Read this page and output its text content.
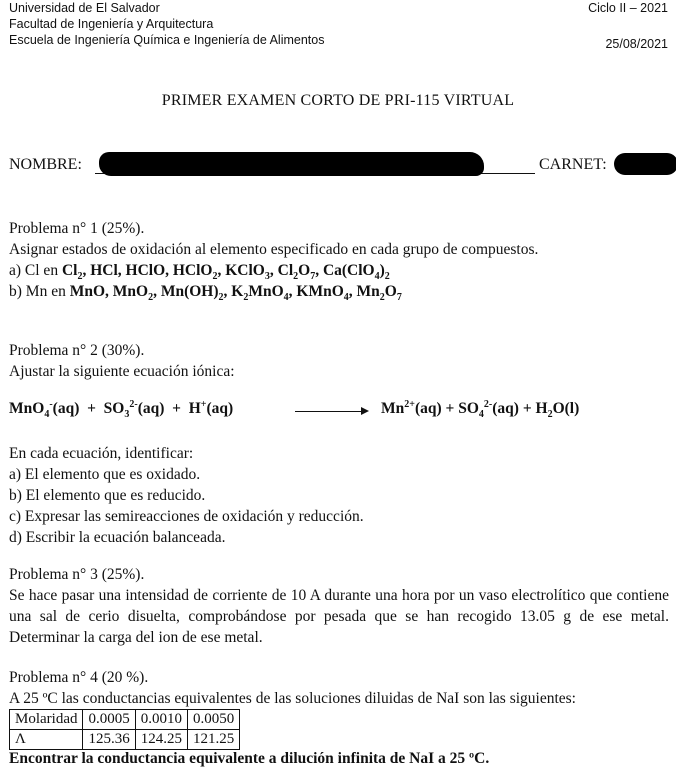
Universidad de El Salvador
Facultad de Ingeniería y Arquitectura
Escuela de Ingeniería Química e Ingeniería de Alimentos
Ciclo II – 2021
25/08/2021
PRIMER EXAMEN CORTO DE PRI-115 VIRTUAL
NOMBRE:	CARNET:

Problema n° 1 (25%).

Asignar estados de oxidación al elemento especificado en cada grupo de compuestos.

a) Cl en $Cl_2$, HCl, HClO, HClO$_2$, KClO$_3$, $Cl_2O_7$, $Ca(ClO_4)_2$

b) Mn en MnO, MnO$_2$, $Mn(OH)_2$, $K_2MnO_4$, KMnO$_4$, $Mn_2O_7$

Problema n° 2 (30%).

Ajustar la siguiente ecuación iónica:

$MnO_4^-(aq) + SO_3^{2-}(aq) + H^+(aq)$	$Mn^{2+}(aq) + SO_4^{2-}(aq) + H_2O(l)$

En cada ecuación, identificar:

a) El elemento que es oxidado.

b) El elemento que es reducido.

c) Expresar las semireacciones de oxidación y reducción.

d) Escribir la ecuación balanceada.

Problema n° 3 (25%).

Se hace pasar una intensidad de corriente de 10 A durante una hora por un vaso electrolítico que contiene una sal de cerio disuelta, comprobándose por pesada que se han recogido 13.05 g de ese metal. Determinar la carga del ion de ese metal.

Problema n° 4 (20 %).

A 25 ºC las conductancias equivalentes de las soluciones diluidas de NaI son las siguientes:

Molaridad	0.0005	0.0010	0.0050
Λ	125.36	124.25	121.25

Encontrar la conductancia equivalente a dilución infinita de NaI a 25 ºC.
